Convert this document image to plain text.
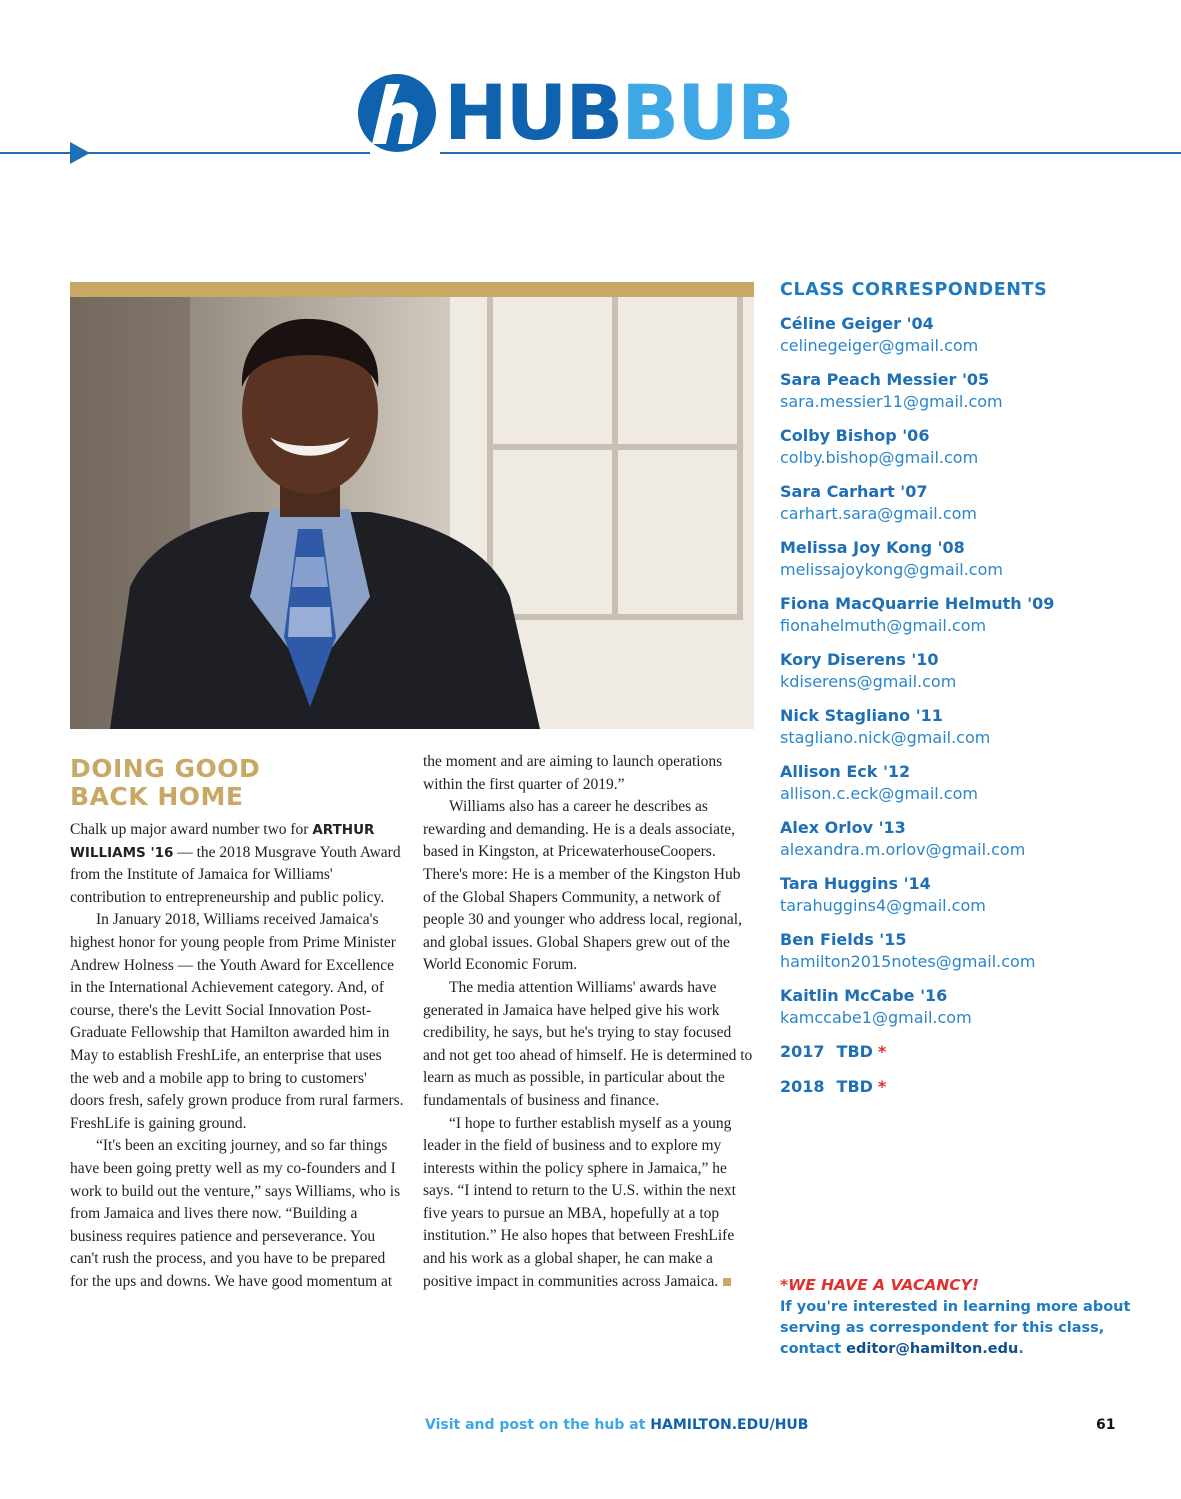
HUBBUB
DOING GOOD
BACK HOME

Chalk up major award number two for ARTHUR WILLIAMS '16 — the 2018 Musgrave Youth Award from the Institute of Jamaica for Williams' contribution to entrepreneurship and public policy.

In January 2018, Williams received Jamaica's highest honor for young people from Prime Minister Andrew Holness — the Youth Award for Excellence in the International Achievement category. And, of course, there's the Levitt Social Innovation Post-Graduate Fellowship that Hamilton awarded him in May to establish FreshLife, an enterprise that uses the web and a mobile app to bring to customers' doors fresh, safely grown produce from rural farmers. FreshLife is gaining ground.

“It's been an exciting journey, and so far things have been going pretty well as my co-founders and I work to build out the venture,” says Williams, who is from Jamaica and lives there now. “Building a business requires patience and perseverance. You can't rush the process, and you have to be prepared for the ups and downs. We have good momentum at

the moment and are aiming to launch operations within the first quarter of 2019.”

Williams also has a career he describes as rewarding and demanding. He is a deals associate, based in Kingston, at PricewaterhouseCoopers. There's more: He is a member of the Kingston Hub of the Global Shapers Community, a network of people 30 and younger who address local, regional, and global issues. Global Shapers grew out of the World Economic Forum.

The media attention Williams' awards have generated in Jamaica have helped give his work credibility, he says, but he's trying to stay focused and not get too ahead of himself. He is determined to learn as much as possible, in particular about the fundamentals of business and finance.

“I hope to further establish myself as a young leader in the field of business and to explore my interests within the policy sphere in Jamaica,” he says. “I intend to return to the U.S. within the next five years to pursue an MBA, hopefully at a top institution.” He also hopes that between FreshLife and his work as a global shaper, he can make a positive impact in communities across Jamaica.

CLASS CORRESPONDENTS
Céline Geiger '04
celinegeiger@gmail.com
Sara Peach Messier '05
sara.messier11@gmail.com
Colby Bishop '06
colby.bishop@gmail.com
Sara Carhart '07
carhart.sara@gmail.com
Melissa Joy Kong '08
melissajoykong@gmail.com
Fiona MacQuarrie Helmuth '09
fionahelmuth@gmail.com
Kory Diserens '10
kdiserens@gmail.com
Nick Stagliano '11
stagliano.nick@gmail.com
Allison Eck '12
allison.c.eck@gmail.com
Alex Orlov '13
alexandra.m.orlov@gmail.com
Tara Huggins '14
tarahuggins4@gmail.com
Ben Fields '15
hamilton2015notes@gmail.com
Kaitlin McCabe '16
kamccabe1@gmail.com
2017 TBD *
2018 TBD *
*WE HAVE A VACANCY!
If you're interested in learning more about serving as correspondent for this class, contact editor@hamilton.edu.
Visit and post on the hub at HAMILTON.EDU/HUB	61
